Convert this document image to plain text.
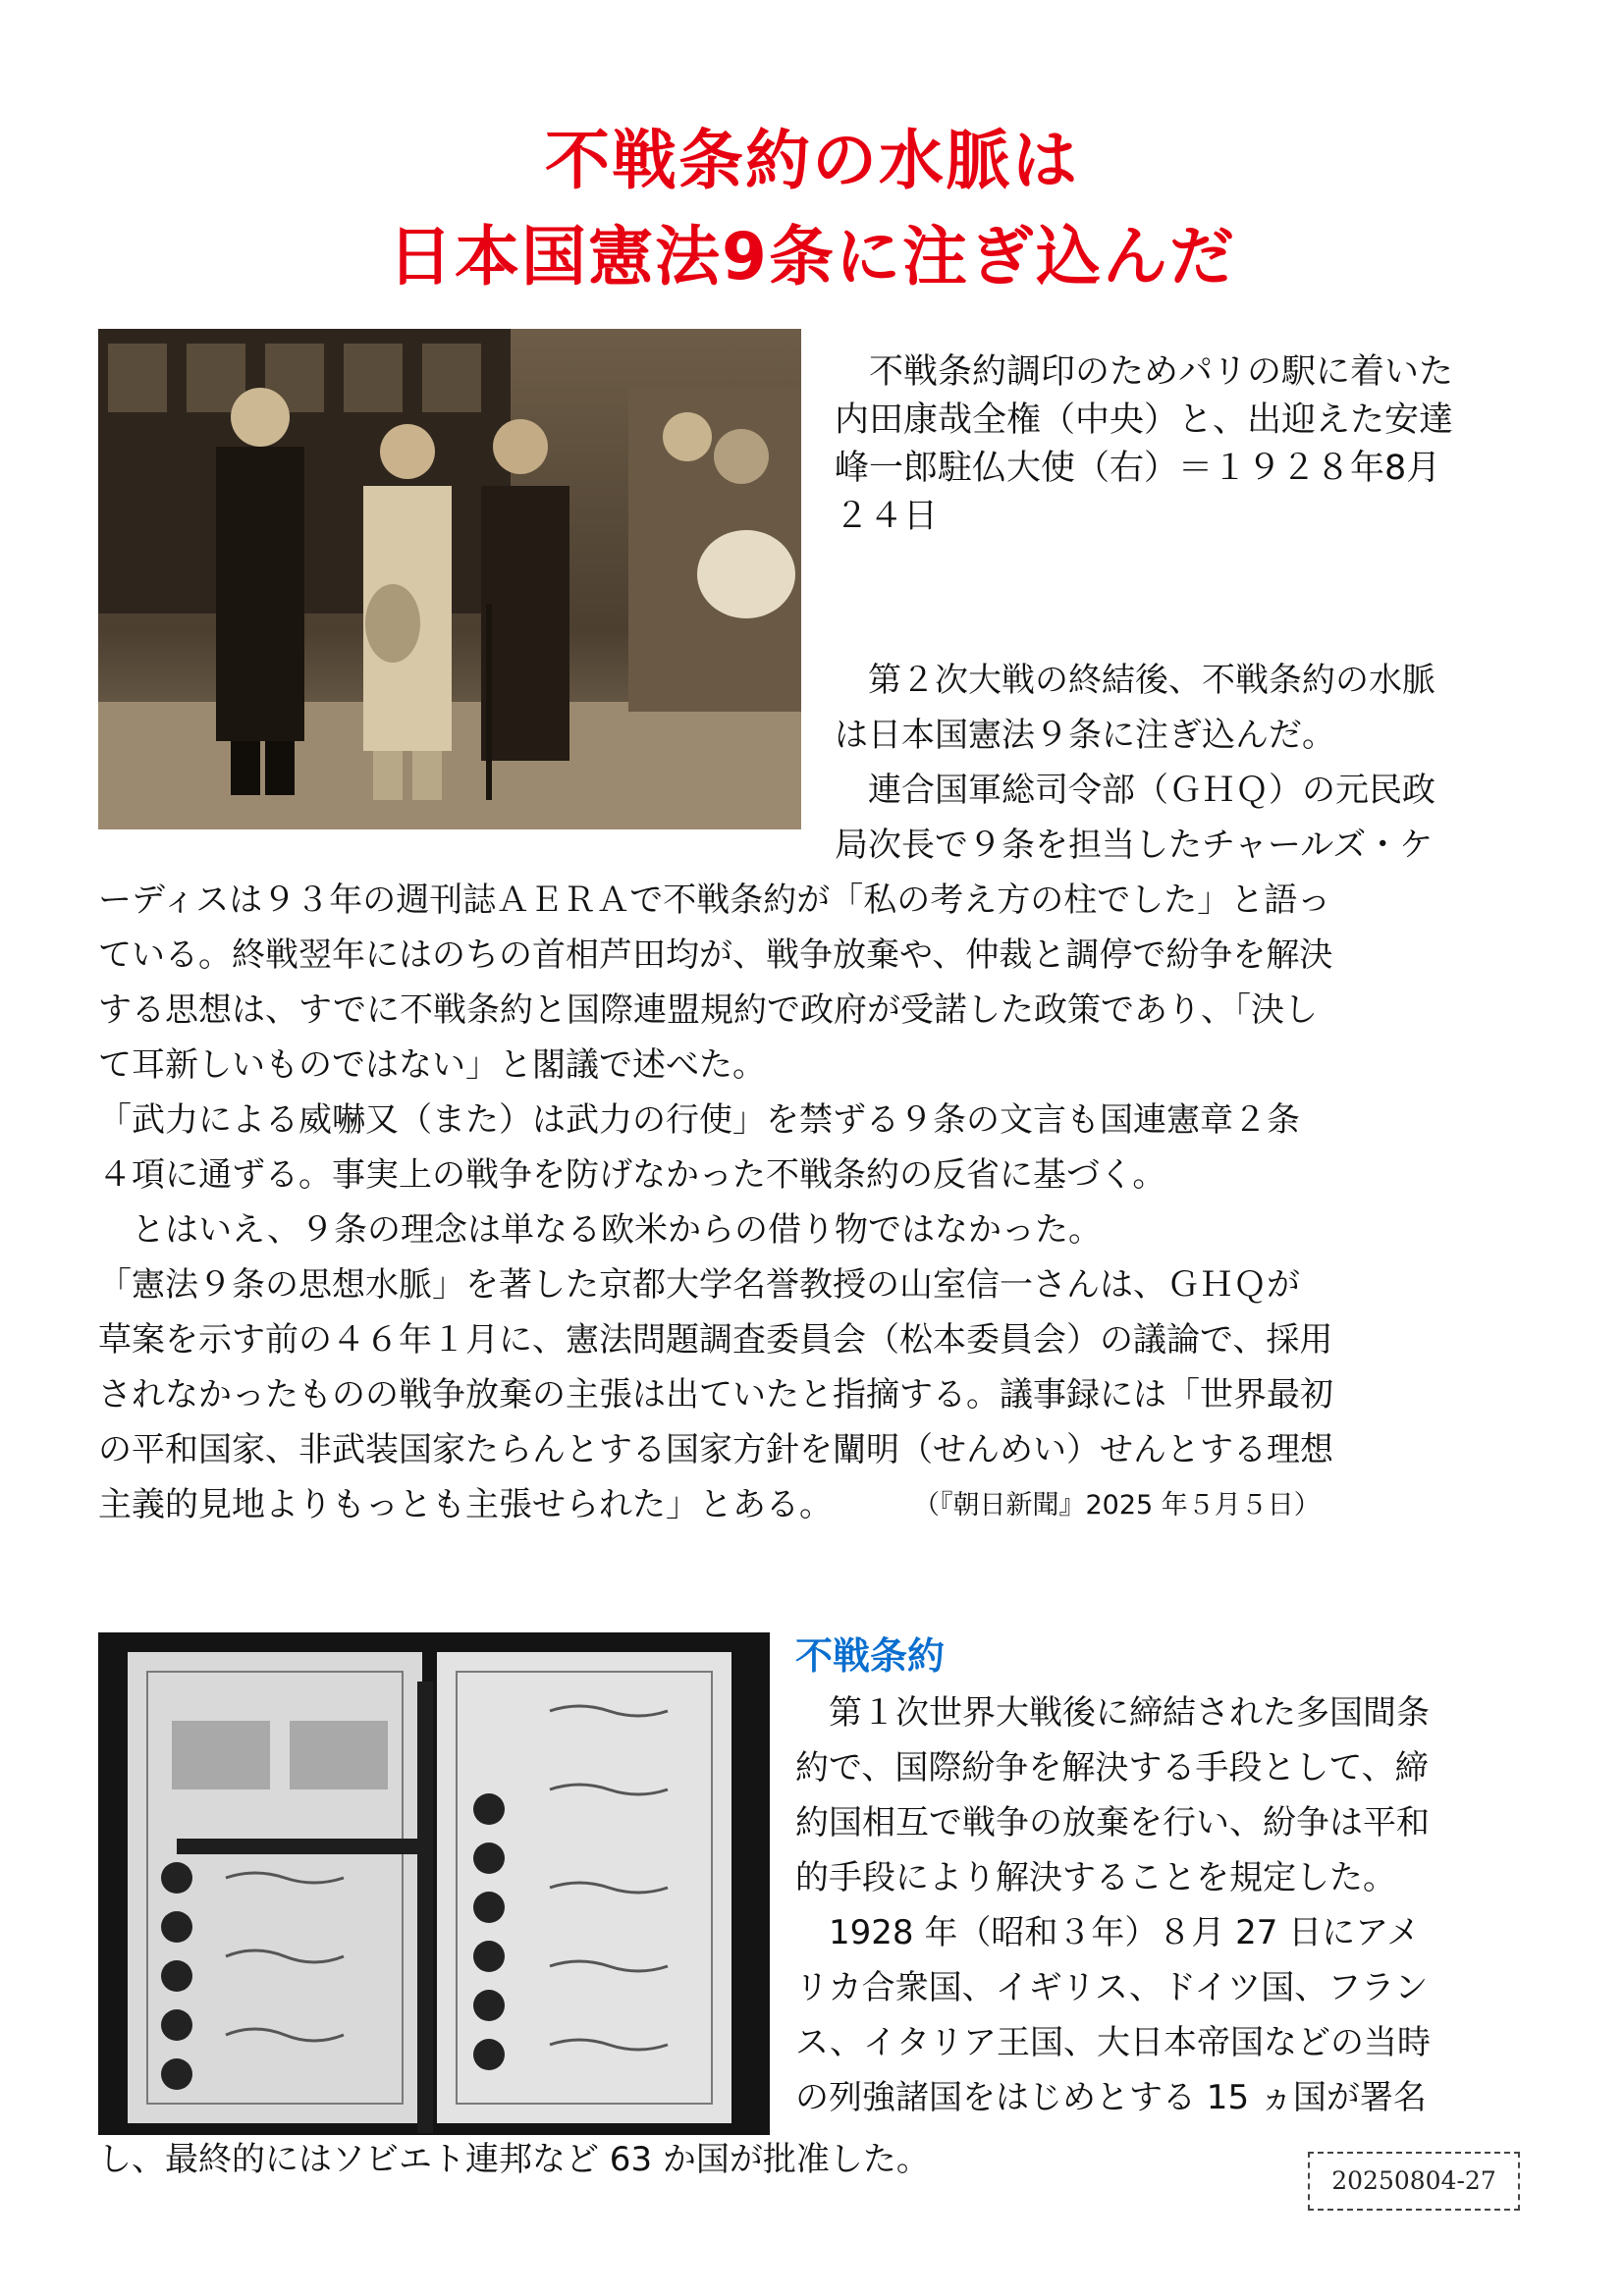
不戦条約の水脈は
日本国憲法9条に注ぎ込んだ
　不戦条約調印のためパリの駅に着いた
内田康哉全権（中央）と、出迎えた安達
峰一郎駐仏大使（右）＝１９２８年8月
２４日
　第２次大戦の終結後、不戦条約の水脈
は日本国憲法９条に注ぎ込んだ。
　連合国軍総司令部（ＧＨＱ）の元民政
局次長で９条を担当したチャールズ・ケ
ーディスは９３年の週刊誌ＡＥＲＡで不戦条約が「私の考え方の柱でした」と語っ
ている。終戦翌年にはのちの首相芦田均が、戦争放棄や、仲裁と調停で紛争を解決
する思想は、すでに不戦条約と国際連盟規約で政府が受諾した政策であり、「決し
て耳新しいものではない」と閣議で述べた。
「武力による威嚇又（また）は武力の行使」を禁ずる９条の文言も国連憲章２条
４項に通ずる。事実上の戦争を防げなかった不戦条約の反省に基づく。
　とはいえ、９条の理念は単なる欧米からの借り物ではなかった。
「憲法９条の思想水脈」を著した京都大学名誉教授の山室信一さんは、ＧＨＱが
草案を示す前の４６年１月に、憲法問題調査委員会（松本委員会）の議論で、採用
されなかったものの戦争放棄の主張は出ていたと指摘する。議事録には「世界最初
の平和国家、非武装国家たらんとする国家方針を闡明（せんめい）せんとする理想
主義的見地よりもっとも主張せられた」とある。	（『朝日新聞』2025 年５月５日）
不戦条約
　第１次世界大戦後に締結された多国間条
約で、国際紛争を解決する手段として、締
約国相互で戦争の放棄を行い、紛争は平和
的手段により解決することを規定した。
　1928 年（昭和３年）８月 27 日にアメ
リカ合衆国、イギリス、ドイツ国、フラン
ス、イタリア王国、大日本帝国などの当時
の列強諸国をはじめとする 15 ヵ国が署名
し、最終的にはソビエト連邦など 63 か国が批准した。
20250804-27
